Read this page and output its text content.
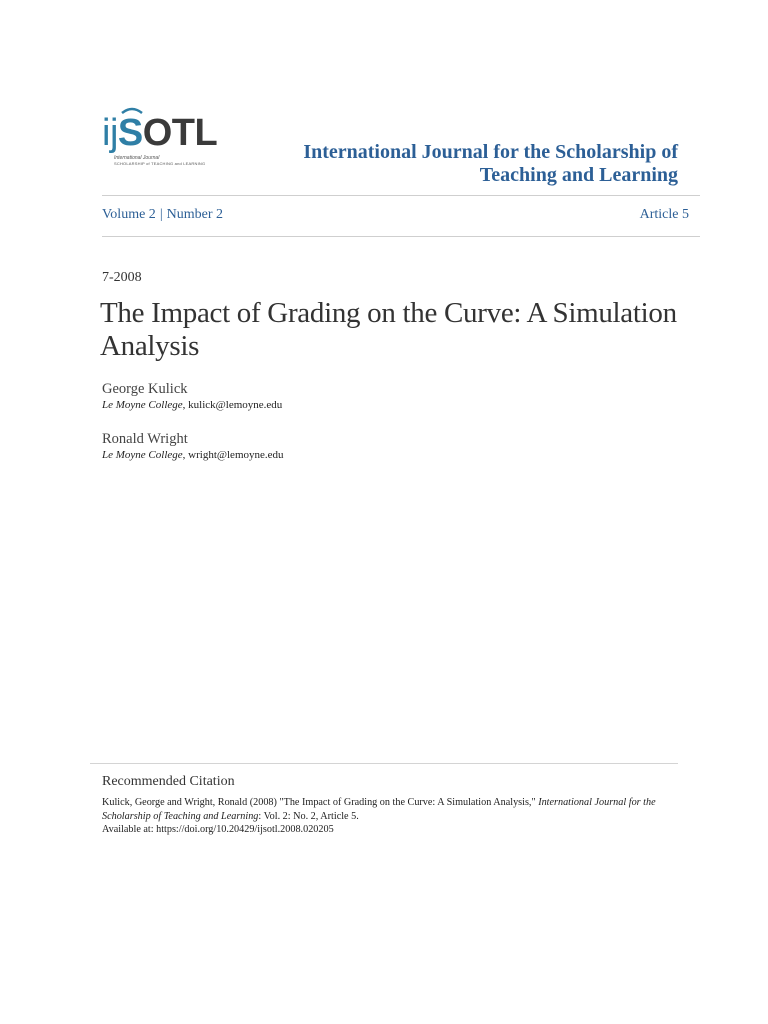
ij S OTL
International Journal
SCHOLARSHIP of TEACHING and LEARNING
International Journal for the Scholarship of
Teaching and Learning
Volume 2 | Number 2	Article 5
7-2008
The Impact of Grading on the Curve: A Simulation Analysis
George Kulick
Le Moyne College, kulick@lemoyne.edu
Ronald Wright
Le Moyne College, wright@lemoyne.edu
Recommended Citation
Kulick, George and Wright, Ronald (2008) "The Impact of Grading on the Curve: A Simulation Analysis," International Journal for the Scholarship of Teaching and Learning: Vol. 2: No. 2, Article 5.
Available at: https://doi.org/10.20429/ijsotl.2008.020205
